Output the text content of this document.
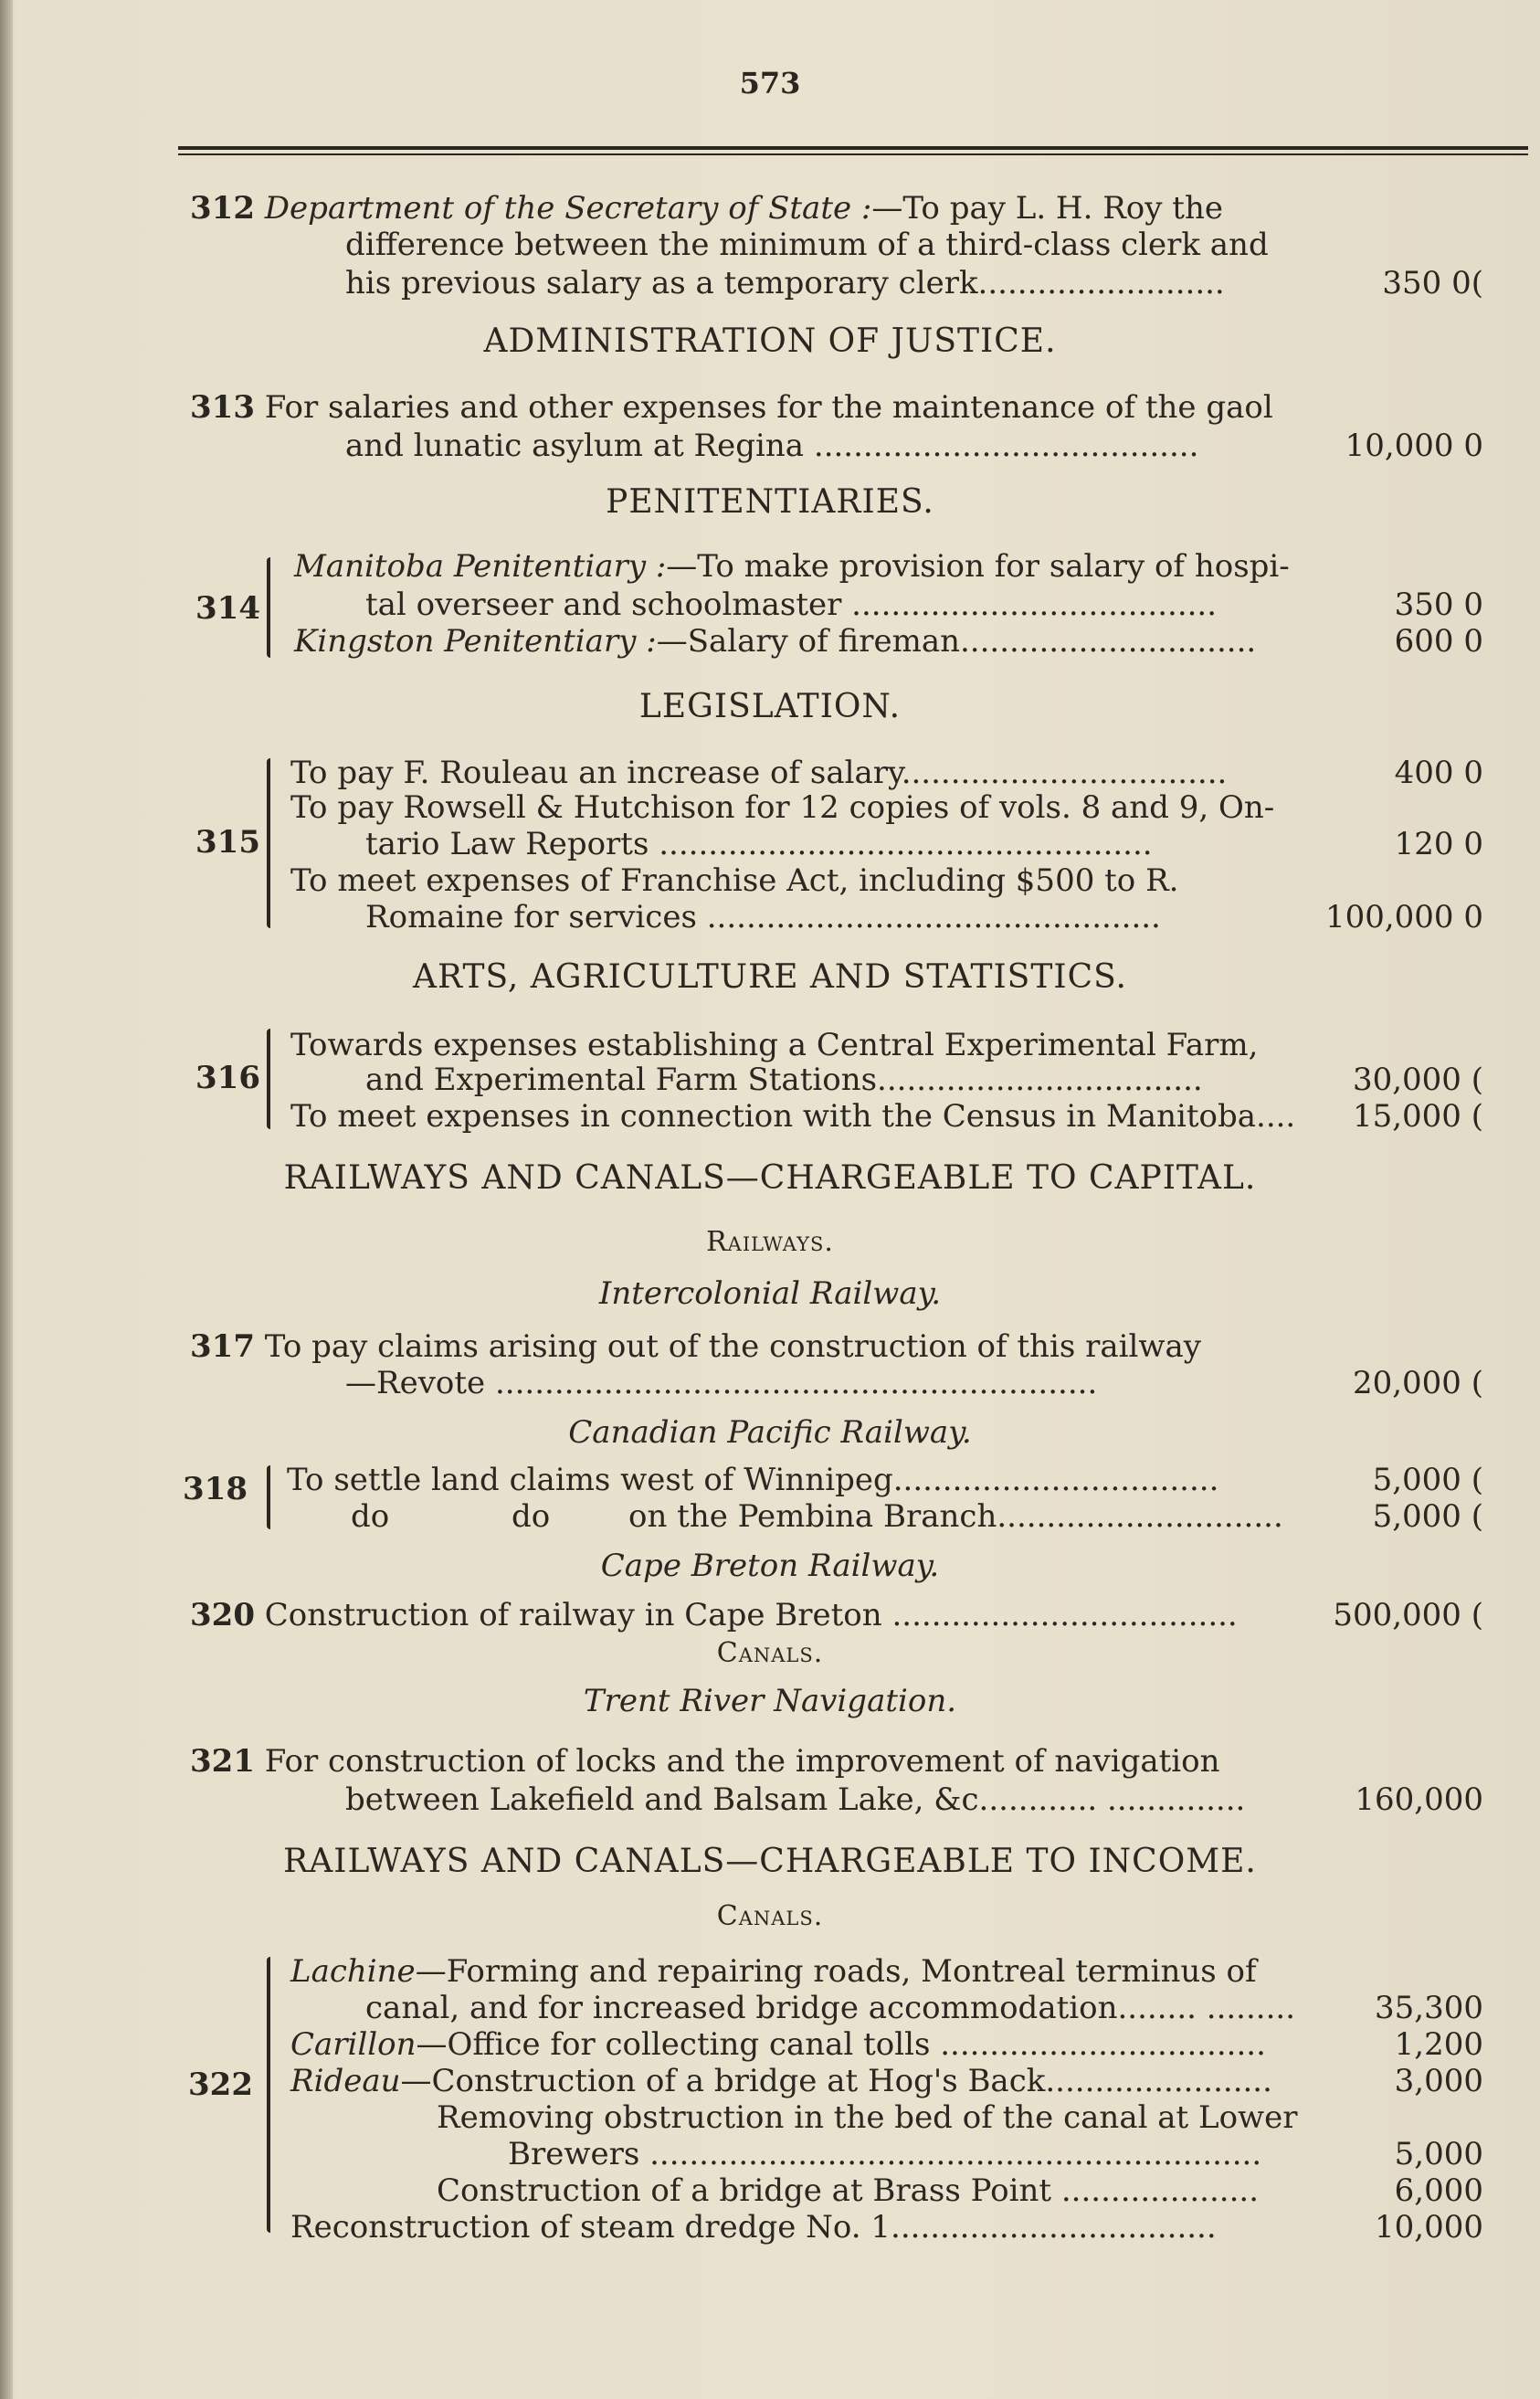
573
312 Department of the Secretary of State :—To pay L. H. Roy the
difference between the minimum of a third-class clerk and
his previous salary as a temporary clerk.........................	350 0(
ADMINISTRATION OF JUSTICE.
313 For salaries and other expenses for the maintenance of the gaol
and lunatic asylum at Regina .......................................	10,000 0
PENITENTIARIES.
314
Manitoba Penitentiary :—To make provision for salary of hospi-
tal overseer and schoolmaster .....................................	350 0
Kingston Penitentiary :—Salary of fireman..............................	600 0
LEGISLATION.
315
To pay F. Rouleau an increase of salary.................................	400 0
To pay Rowsell & Hutchison for 12 copies of vols. 8 and 9, On-
tario Law Reports ..................................................	120 0
To meet expenses of Franchise Act, including $500 to R.
Romaine for services ..............................................	100,000 0
ARTS, AGRICULTURE AND STATISTICS.
316
Towards expenses establishing a Central Experimental Farm,
and Experimental Farm Stations.................................	30,000 (
To meet expenses in connection with the Census in Manitoba.... 15,000 (
RAILWAYS AND CANALS—CHARGEABLE TO CAPITAL.
Railways.
Intercolonial Railway.
317 To pay claims arising out of the construction of this railway
—Revote .............................................................	20,000 (
Canadian Pacific Railway.
318 To settle land claims west of Winnipeg.................................	5,000 (
do	do	on the Pembina Branch.............................	5,000 (
Cape Breton Railway.
320 Construction of railway in Cape Breton ...................................	500,000 (
Canals.
Trent River Navigation.
321 For construction of locks and the improvement of navigation
between Lakefield and Balsam Lake, &c............ ..............	160,000
RAILWAYS AND CANALS—CHARGEABLE TO INCOME.
Canals.
322
Lachine—Forming and repairing roads, Montreal terminus of
canal, and for increased bridge accommodation........ .........	35,300
Carillon—Office for collecting canal tolls .................................	1,200
Rideau—Construction of a bridge at Hog's Back.......................	3,000
Removing obstruction in the bed of the canal at Lower
Brewers ..............................................................	5,000
Construction of a bridge at Brass Point ....................	6,000
Reconstruction of steam dredge No. 1.................................	10,000
